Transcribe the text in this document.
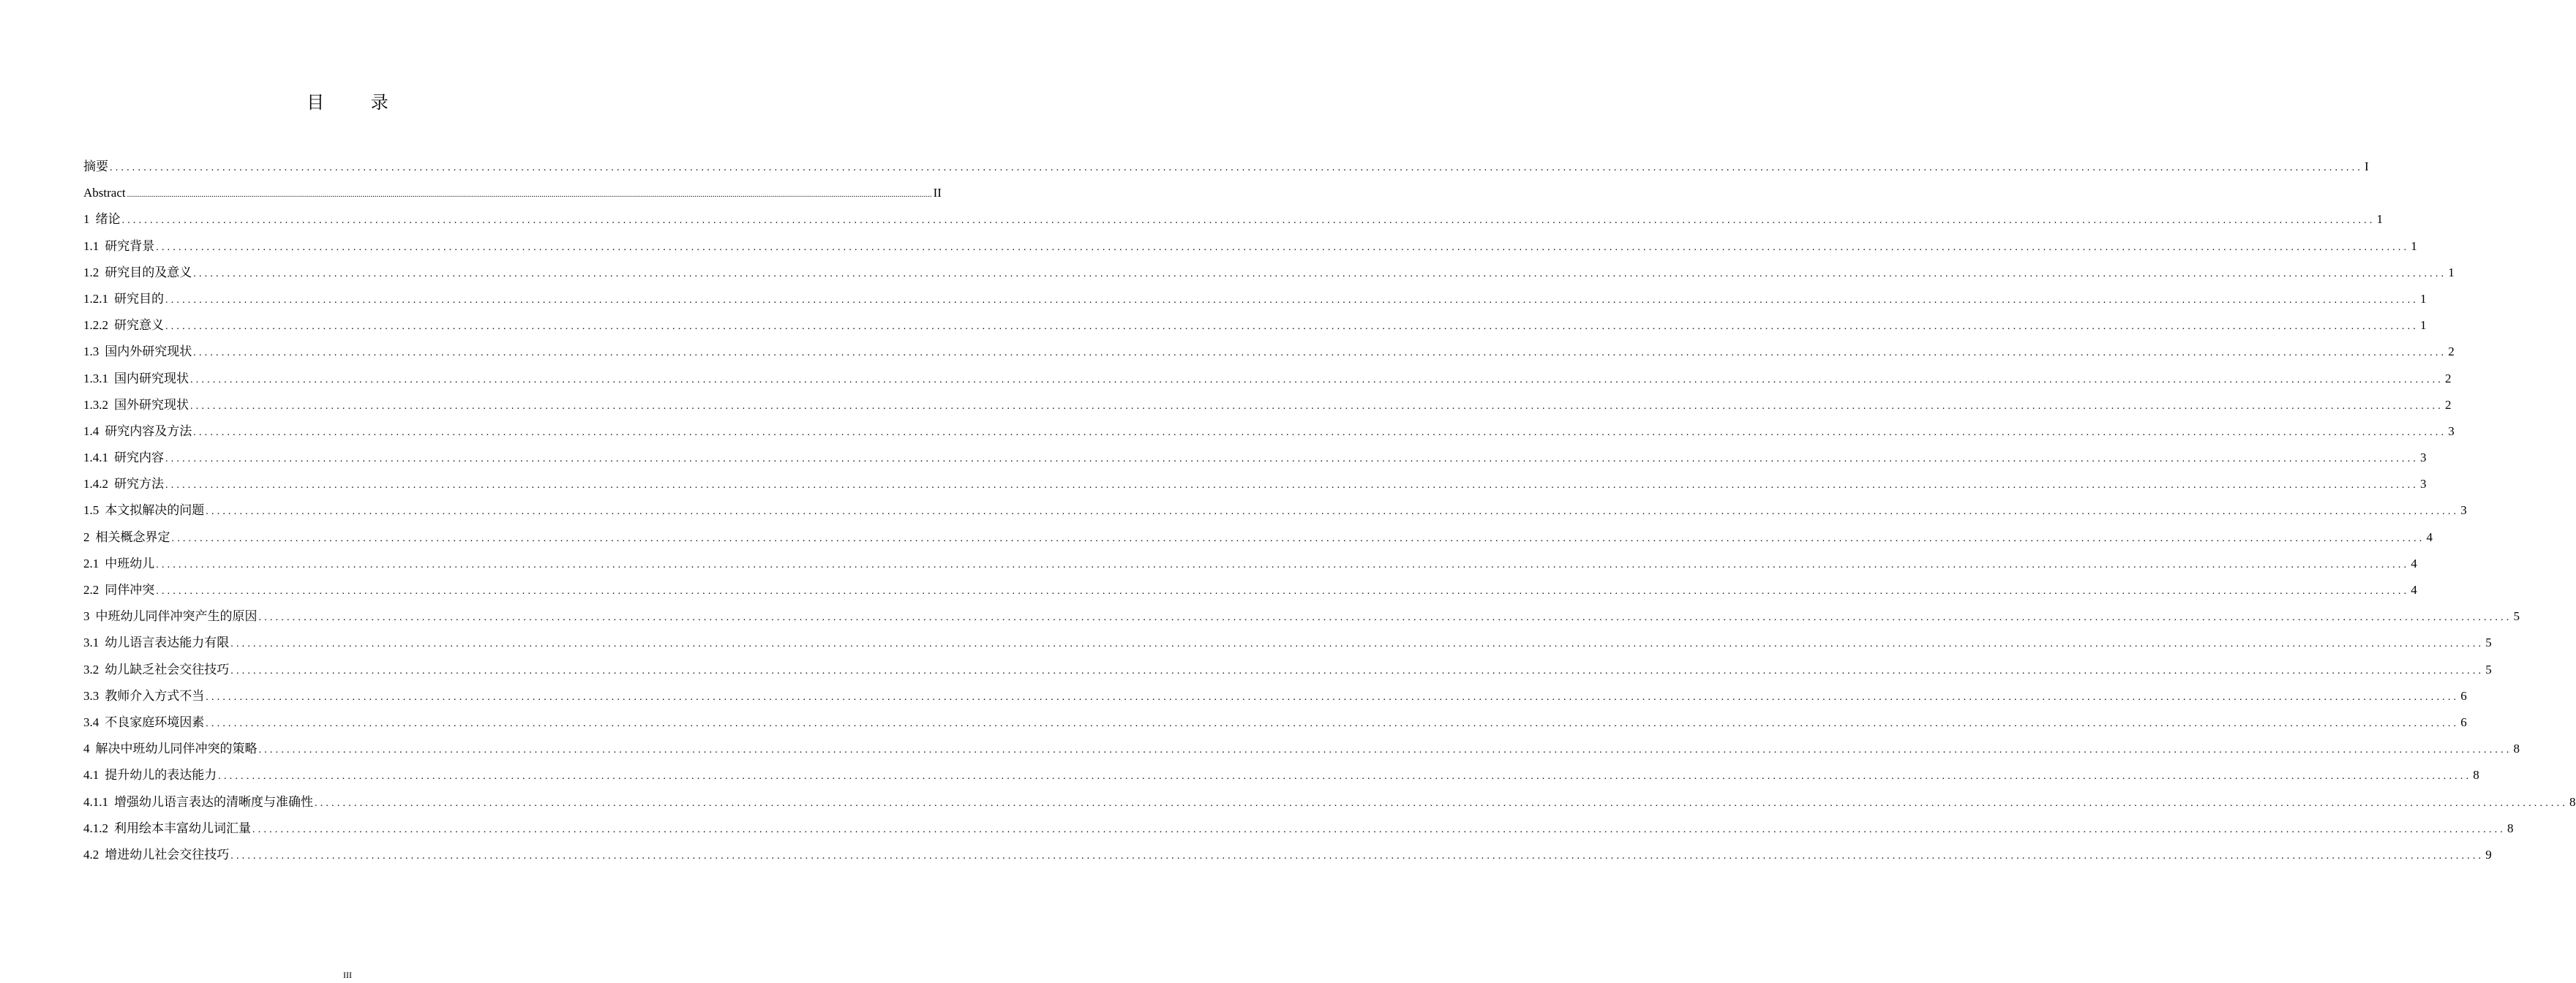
目 录
摘要 ................................................................................................................................................................................................................................................................................................................................................................................................................ I
Abstract ................................................................................................................................................................................................................................................................................................................................................................................................................ II
1 绪论 ................................................................................................................................................................................................................................................................................................................................................................................................................ 1
1.1 研究背景 ................................................................................................................................................................................................................................................................................................................................................................................................................ 1
1.2 研究目的及意义 ................................................................................................................................................................................................................................................................................................................................................................................................................ 1
1.2.1 研究目的 ................................................................................................................................................................................................................................................................................................................................................................................................................ 1
1.2.2 研究意义 ................................................................................................................................................................................................................................................................................................................................................................................................................ 1
1.3 国内外研究现状 ................................................................................................................................................................................................................................................................................................................................................................................................................ 2
1.3.1 国内研究现状 ................................................................................................................................................................................................................................................................................................................................................................................................................ 2
1.3.2 国外研究现状 ................................................................................................................................................................................................................................................................................................................................................................................................................ 2
1.4 研究内容及方法 ................................................................................................................................................................................................................................................................................................................................................................................................................ 3
1.4.1 研究内容 ................................................................................................................................................................................................................................................................................................................................................................................................................ 3
1.4.2 研究方法 ................................................................................................................................................................................................................................................................................................................................................................................................................ 3
1.5 本文拟解决的问题 ................................................................................................................................................................................................................................................................................................................................................................................................................ 3
2 相关概念界定 ................................................................................................................................................................................................................................................................................................................................................................................................................ 4
2.1 中班幼儿 ................................................................................................................................................................................................................................................................................................................................................................................................................ 4
2.2 同伴冲突 ................................................................................................................................................................................................................................................................................................................................................................................................................ 4
3 中班幼儿同伴冲突产生的原因 ................................................................................................................................................................................................................................................................................................................................................................................................................ 5
3.1 幼儿语言表达能力有限 ................................................................................................................................................................................................................................................................................................................................................................................................................ 5
3.2 幼儿缺乏社会交往技巧 ................................................................................................................................................................................................................................................................................................................................................................................................................ 5
3.3 教师介入方式不当 ................................................................................................................................................................................................................................................................................................................................................................................................................ 6
3.4 不良家庭环境因素 ................................................................................................................................................................................................................................................................................................................................................................................................................ 6
4 解决中班幼儿同伴冲突的策略 ................................................................................................................................................................................................................................................................................................................................................................................................................ 8
4.1 提升幼儿的表达能力 ................................................................................................................................................................................................................................................................................................................................................................................................................ 8
4.1.1 增强幼儿语言表达的清晰度与准确性 ................................................................................................................................................................................................................................................................................................................................................................................................................ 8
4.1.2 利用绘本丰富幼儿词汇量 ................................................................................................................................................................................................................................................................................................................................................................................................................ 8
4.2 增进幼儿社会交往技巧 ................................................................................................................................................................................................................................................................................................................................................................................................................ 9
III
